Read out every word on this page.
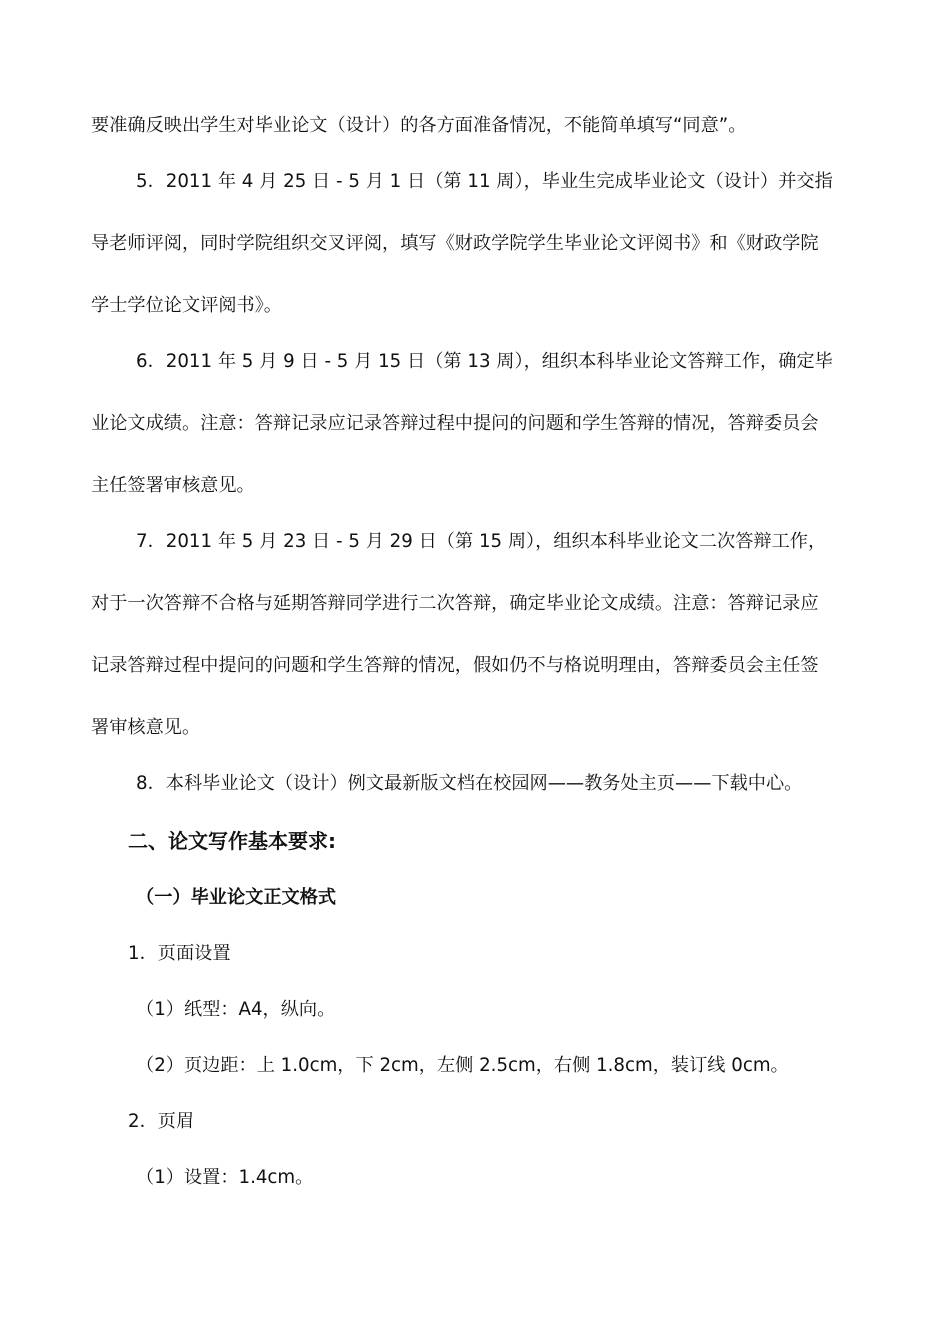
要准确反映出学生对毕业论文（设计）的各方面准备情况，不能简单填写“同意”。
5．2011 年 4 月 25 日 - 5 月 1 日（第 11 周），毕业生完成毕业论文（设计）并交指
导老师评阅，同时学院组织交叉评阅，填写《财政学院学生毕业论文评阅书》和《财政学院
学士学位论文评阅书》。
6．2011 年 5 月 9 日 - 5 月 15 日（第 13 周），组织本科毕业论文答辩工作，确定毕
业论文成绩。注意：答辩记录应记录答辩过程中提问的问题和学生答辩的情况，答辩委员会
主任签署审核意见。
7．2011 年 5 月 23 日 - 5 月 29 日（第 15 周），组织本科毕业论文二次答辩工作，
对于一次答辩不合格与延期答辩同学进行二次答辩，确定毕业论文成绩。注意：答辩记录应
记录答辩过程中提问的问题和学生答辩的情况，假如仍不与格说明理由，答辩委员会主任签
署审核意见。
8．本科毕业论文（设计）例文最新版文档在校园网——教务处主页——下载中心。
二、论文写作基本要求:
（一）毕业论文正文格式
1．页面设置
（1）纸型：A4，纵向。
（2）页边距：上 1.0cm，下 2cm，左侧 2.5cm，右侧 1.8cm，装订线 0cm。
2．页眉
（1）设置：1.4cm。
